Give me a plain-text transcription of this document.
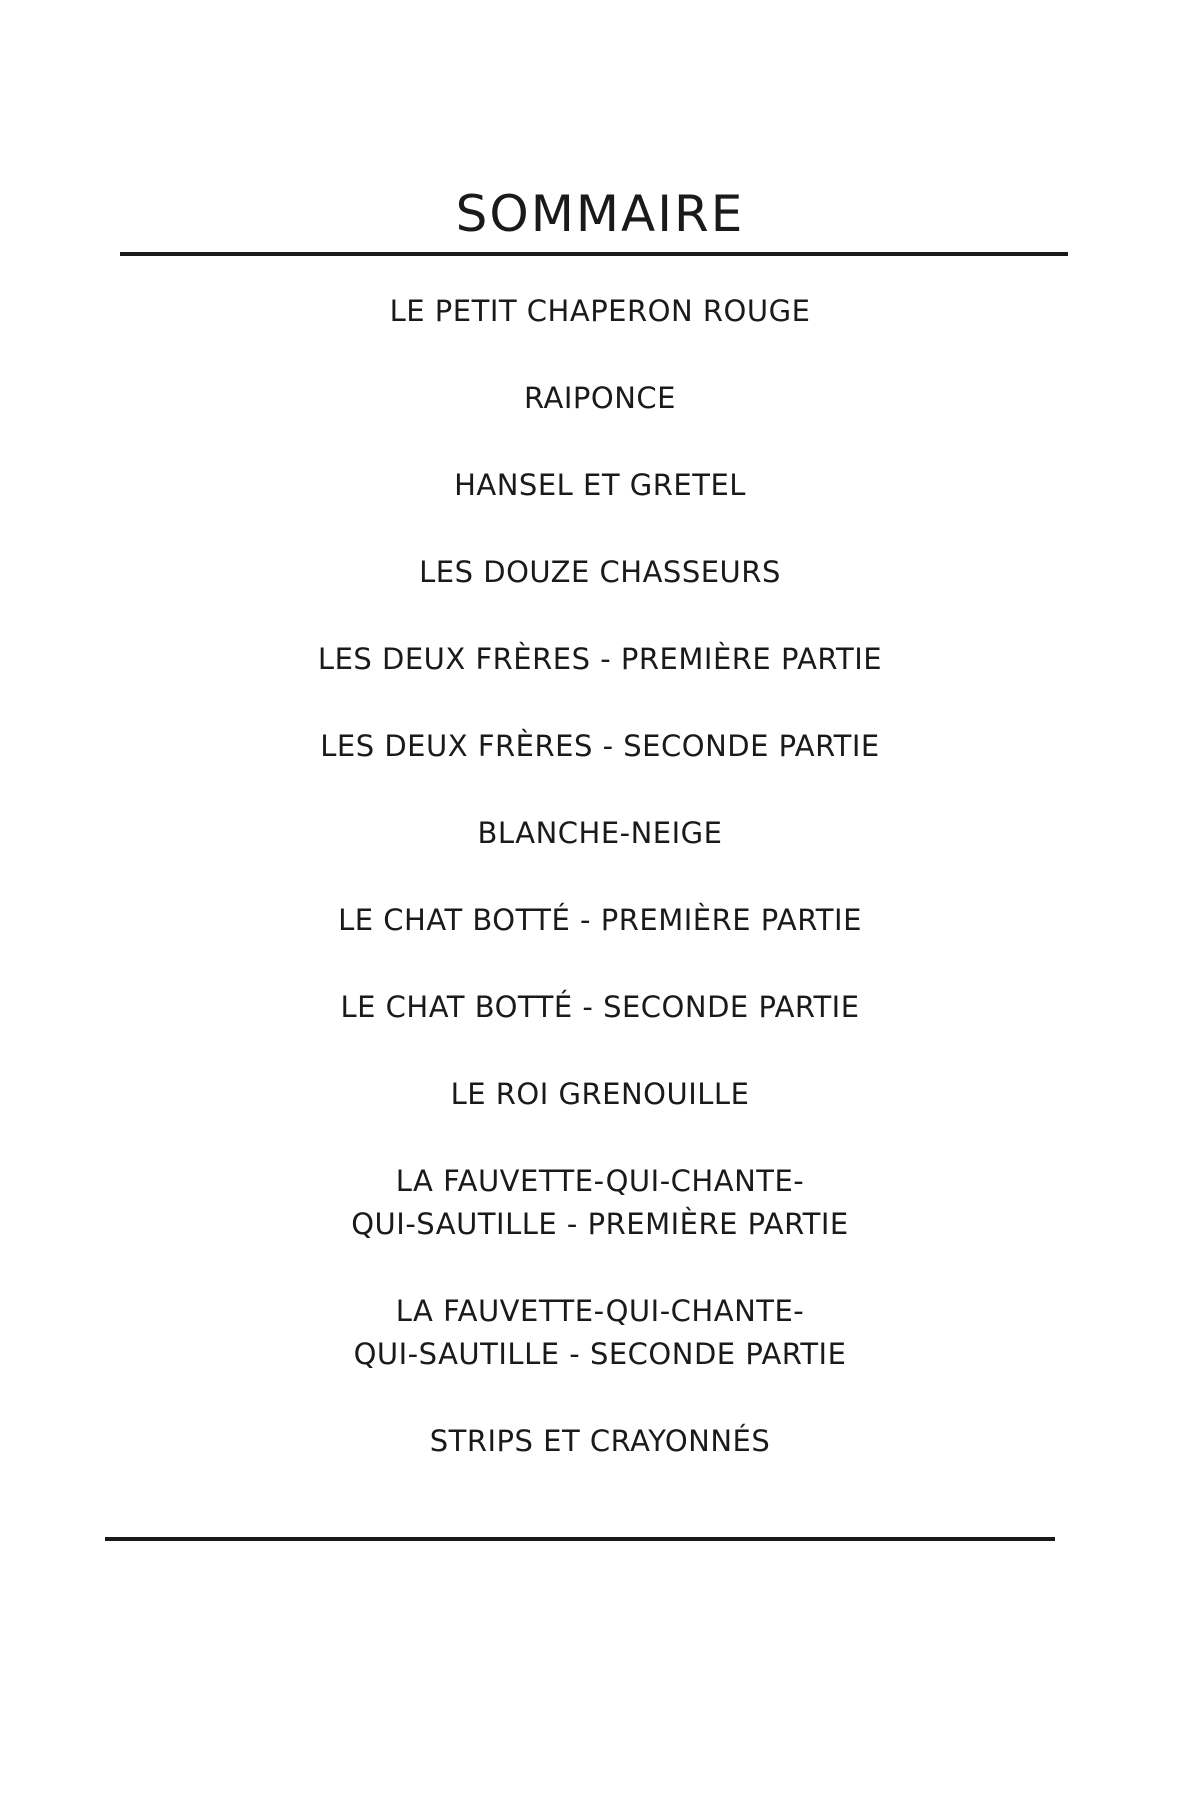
SOMMAIRE
LE PETIT CHAPERON ROUGE
RAIPONCE
HANSEL ET GRETEL
LES DOUZE CHASSEURS
LES DEUX FRÈRES - PREMIÈRE PARTIE
LES DEUX FRÈRES - SECONDE PARTIE
BLANCHE-NEIGE
LE CHAT BOTTÉ - PREMIÈRE PARTIE
LE CHAT BOTTÉ - SECONDE PARTIE
LE ROI GRENOUILLE
LA FAUVETTE-QUI-CHANTE-
QUI-SAUTILLE - PREMIÈRE PARTIE
LA FAUVETTE-QUI-CHANTE-
QUI-SAUTILLE - SECONDE PARTIE
STRIPS ET CRAYONNÉS
